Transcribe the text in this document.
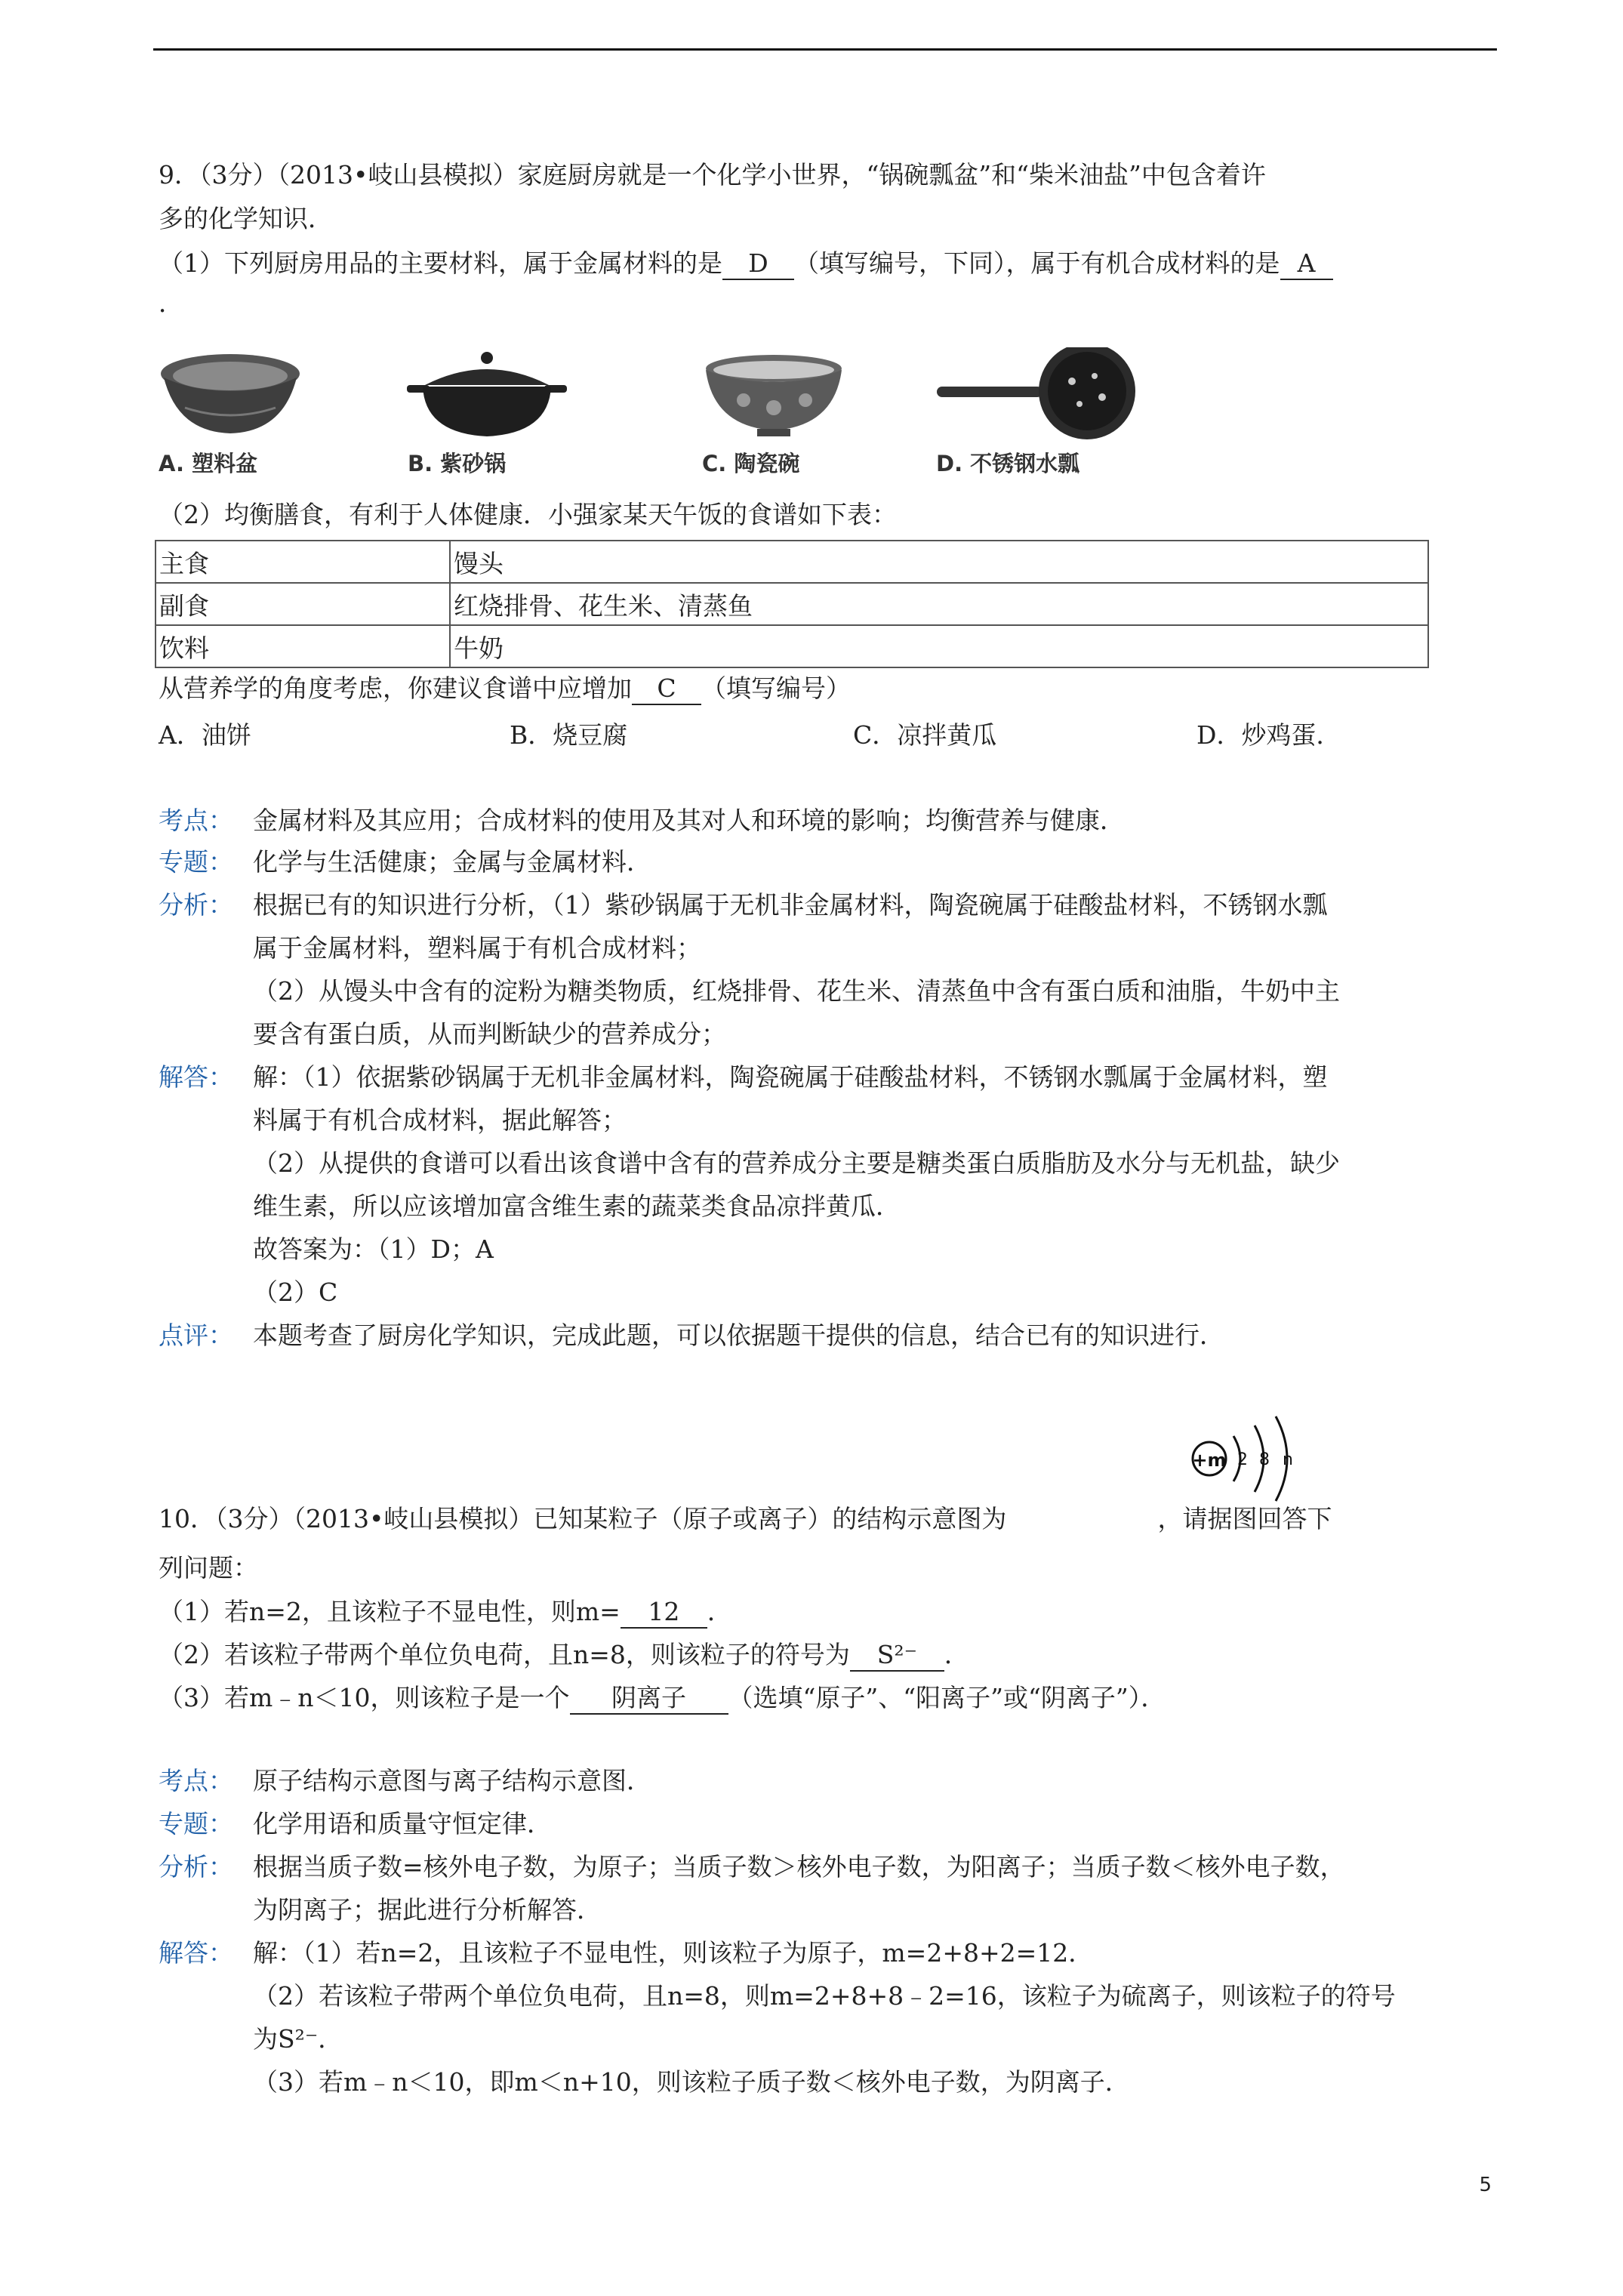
9．（3分）（2013•岐山县模拟）家庭厨房就是一个化学小世界，“锅碗瓢盆”和“柴米油盐”中包含着许
多的化学知识．
（1）下列厨房用品的主要材料，属于金属材料的是 D （填写编号，下同），属于有机合成材料的是 A
．
A. 塑料盆	B. 紫砂锅	C. 陶瓷碗	D. 不锈钢水瓢
（2）均衡膳食，有利于人体健康．小强家某天午饭的食谱如下表：
主食	馒头
副食	红烧排骨、花生米、清蒸鱼
饮料	牛奶
从营养学的角度考虑，你建议食谱中应增加 C （填写编号）
A．油饼	B．烧豆腐	C．凉拌黄瓜	D．炒鸡蛋．
考点： 金属材料及其应用；合成材料的使用及其对人和环境的影响；均衡营养与健康．
专题： 化学与生活健康；金属与金属材料．
分析： 根据已有的知识进行分析，（1）紫砂锅属于无机非金属材料，陶瓷碗属于硅酸盐材料，不锈钢水瓢
属于金属材料，塑料属于有机合成材料；
（2）从馒头中含有的淀粉为糖类物质，红烧排骨、花生米、清蒸鱼中含有蛋白质和油脂，牛奶中主
要含有蛋白质，从而判断缺少的营养成分；
解答： 解：（1）依据紫砂锅属于无机非金属材料，陶瓷碗属于硅酸盐材料，不锈钢水瓢属于金属材料，塑
料属于有机合成材料，据此解答；
（2）从提供的食谱可以看出该食谱中含有的营养成分主要是糖类蛋白质脂肪及水分与无机盐，缺少
维生素，所以应该增加富含维生素的蔬菜类食品凉拌黄瓜．
故答案为：（1）D；A
（2）C
点评： 本题考查了厨房化学知识，完成此题，可以依据题干提供的信息，结合已有的知识进行．
+m 2 8 n
10．（3分）（2013•岐山县模拟）已知某粒子（原子或离子）的结构示意图为	，请据图回答下
列问题：
（1）若n=2，且该粒子不显电性，则m= 12 ．
（2）若该粒子带两个单位负电荷，且n=8，则该粒子的符号为 S²⁻ ．
（3）若m﹣n＜10，则该粒子是一个 阴离子 （选填“原子”、“阳离子”或“阴离子”）．
考点： 原子结构示意图与离子结构示意图．
专题： 化学用语和质量守恒定律．
分析： 根据当质子数=核外电子数，为原子；当质子数＞核外电子数，为阳离子；当质子数＜核外电子数，
为阴离子；据此进行分析解答．
解答： 解：（1）若n=2，且该粒子不显电性，则该粒子为原子，m=2+8+2=12．
（2）若该粒子带两个单位负电荷，且n=8，则m=2+8+8﹣2=16，该粒子为硫离子，则该粒子的符号
为S²⁻．
（3）若m﹣n＜10，即m＜n+10，则该粒子质子数＜核外电子数，为阴离子．
5
